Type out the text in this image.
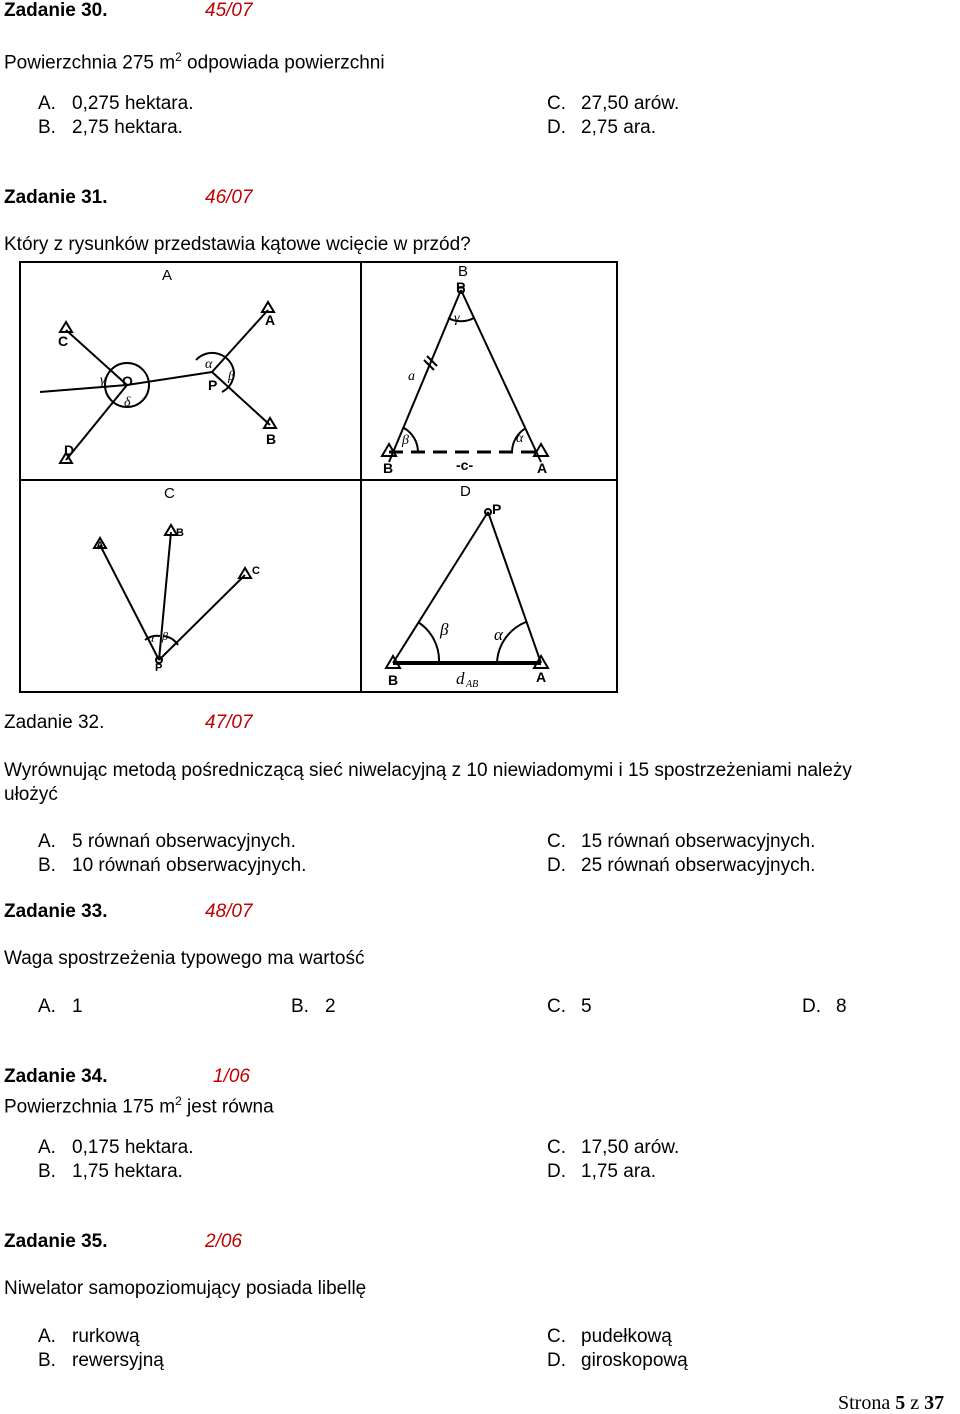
Zadanie 30.	45/07
Powierzchnia 275 $m^2$ odpowiada powierzchni
A. 0,275 hektara.
B. 2,75 hektara.
C. 27,50 arów.
D. 2,75 ara.
Zadanie 31.	46/07
Który z rysunków przedstawia kątowe wcięcie w przód?
A	B
C	D
C
A
B
D
O	P
γ
δ
α
β
P
B	A
γ
β	α
a
-c-
A
B
C
P
α β
P
B	A
β	α
d AB
Zadanie 32.	47/07
Wyrównując metodą pośredniczącą sieć niwelacyjną z 10 niewiadomymi i 15 spostrzeżeniami należy
ułożyć
A. 5 równań obserwacyjnych.
B. 10 równań obserwacyjnych.
C. 15 równań obserwacyjnych.
D. 25 równań obserwacyjnych.
Zadanie 33.	48/07
Waga spostrzeżenia typowego ma wartość
A. 1	B. 2	C. 5	D. 8
Zadanie 34.	1/06
Powierzchnia 175 $m^2$ jest równa
A. 0,175 hektara.
B. 1,75 hektara.
C. 17,50 arów.
D. 1,75 ara.
Zadanie 35.	2/06
Niwelator samopoziomujący posiada libellę
A. rurkową
B. rewersyjną
C. pudełkową
D. giroskopową
Strona 5 z 37
